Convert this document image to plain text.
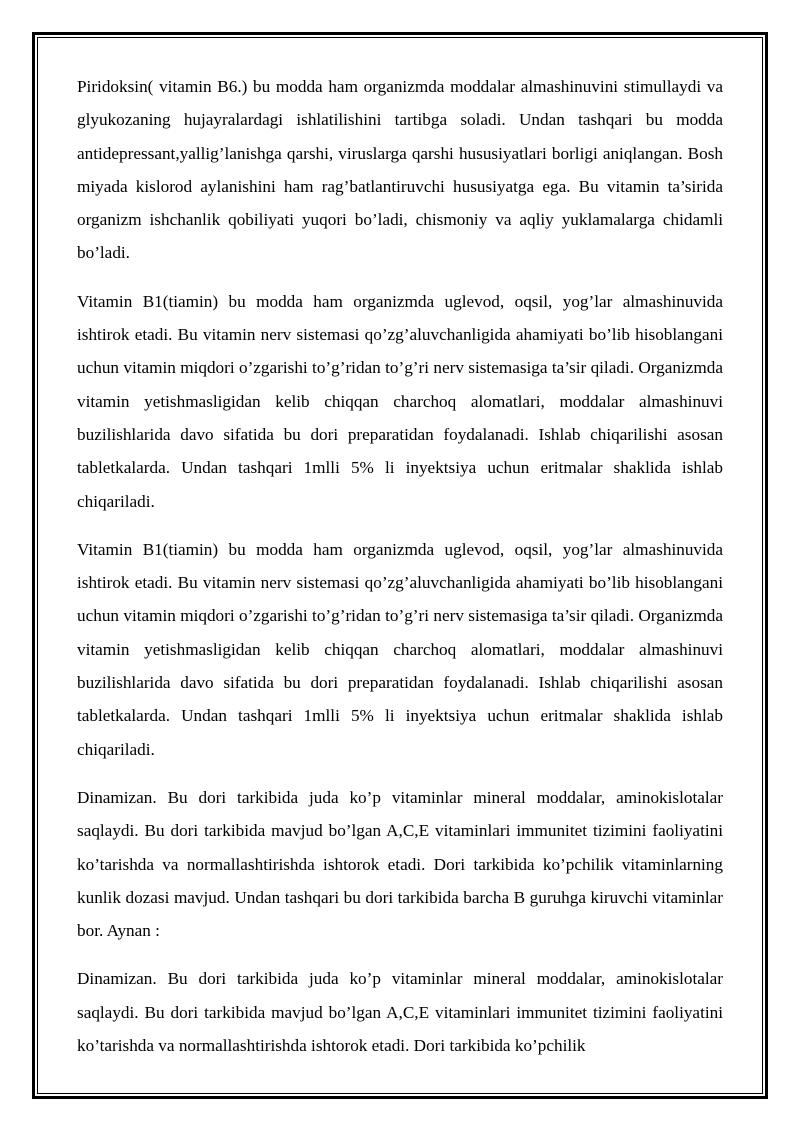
Piridoksin( vitamin B6.) bu modda ham organizmda moddalar almashinuvini stimullaydi va glyukozaning hujayralardagi ishlatilishini tartibga soladi. Undan tashqari bu modda antidepressant,yallig’lanishga qarshi, viruslarga qarshi hususiyatlari borligi aniqlangan. Bosh miyada kislorod aylanishini ham rag’batlantiruvchi hususiyatga ega. Bu vitamin ta’sirida organizm ishchanlik qobiliyati yuqori bo’ladi, chismoniy va aqliy yuklamalarga chidamli bo’ladi.

Vitamin B1(tiamin) bu modda ham organizmda uglevod, oqsil, yog’lar almashinuvida ishtirok etadi. Bu vitamin nerv sistemasi qo’zg’aluvchanligida ahamiyati bo’lib hisoblangani uchun vitamin miqdori o’zgarishi to’g’ridan to’g’ri nerv sistemasiga ta’sir qiladi. Organizmda vitamin yetishmasligidan kelib chiqqan charchoq alomatlari, moddalar almashinuvi buzilishlarida davo sifatida bu dori preparatidan foydalanadi. Ishlab chiqarilishi asosan tabletkalarda. Undan tashqari 1mlli 5% li inyektsiya uchun eritmalar shaklida ishlab chiqariladi.

Vitamin B1(tiamin) bu modda ham organizmda uglevod, oqsil, yog’lar almashinuvida ishtirok etadi. Bu vitamin nerv sistemasi qo’zg’aluvchanligida ahamiyati bo’lib hisoblangani uchun vitamin miqdori o’zgarishi to’g’ridan to’g’ri nerv sistemasiga ta’sir qiladi. Organizmda vitamin yetishmasligidan kelib chiqqan charchoq alomatlari, moddalar almashinuvi buzilishlarida davo sifatida bu dori preparatidan foydalanadi. Ishlab chiqarilishi asosan tabletkalarda. Undan tashqari 1mlli 5% li inyektsiya uchun eritmalar shaklida ishlab chiqariladi.

Dinamizan. Bu dori tarkibida juda ko’p vitaminlar mineral moddalar, aminokislotalar saqlaydi. Bu dori tarkibida mavjud bo’lgan A,C,E vitaminlari immunitet tizimini faoliyatini ko’tarishda va normallashtirishda ishtorok etadi. Dori tarkibida ko’pchilik vitaminlarning kunlik dozasi mavjud. Undan tashqari bu dori tarkibida barcha B guruhga kiruvchi vitaminlar bor. Aynan :

Dinamizan. Bu dori tarkibida juda ko’p vitaminlar mineral moddalar, aminokislotalar saqlaydi. Bu dori tarkibida mavjud bo’lgan A,C,E vitaminlari immunitet tizimini faoliyatini ko’tarishda va normallashtirishda ishtorok etadi. Dori tarkibida ko’pchilik
